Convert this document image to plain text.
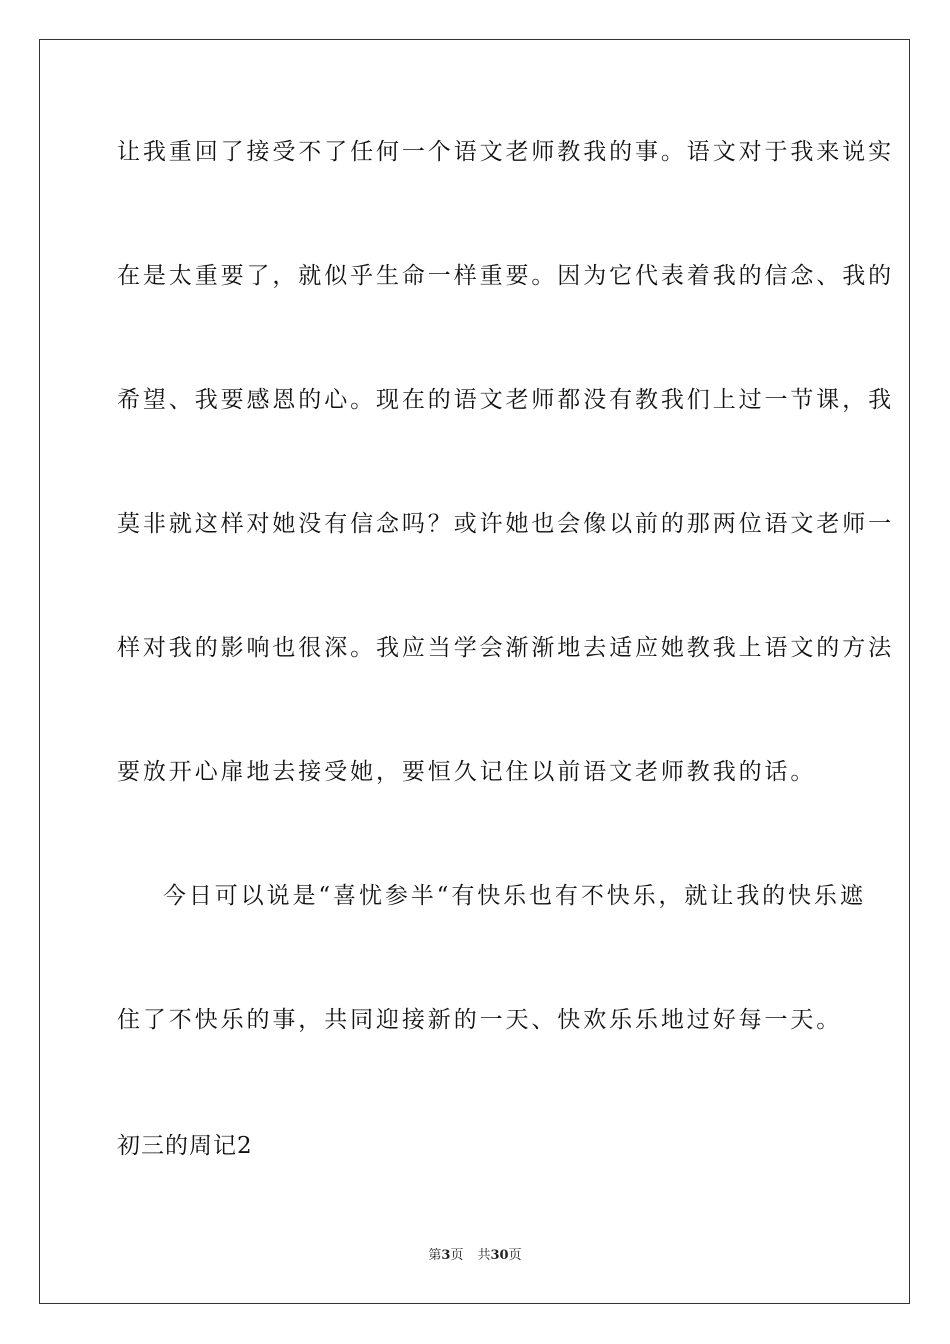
让我重回了接受不了任何一个语文老师教我的事。语文对于我来说实
在是太重要了，就似乎生命一样重要。因为它代表着我的信念、我的
希望、我要感恩的心。现在的语文老师都没有教我们上过一节课，我
莫非就这样对她没有信念吗？或许她也会像以前的那两位语文老师一
样对我的影响也很深。我应当学会渐渐地去适应她教我上语文的方法
要放开心扉地去接受她，要恒久记住以前语文老师教我的话。
今日可以说是“喜忧参半“有快乐也有不快乐，就让我的快乐遮
住了不快乐的事，共同迎接新的一天、快欢乐乐地过好每一天。
初三的周记2
第3页 共30页
